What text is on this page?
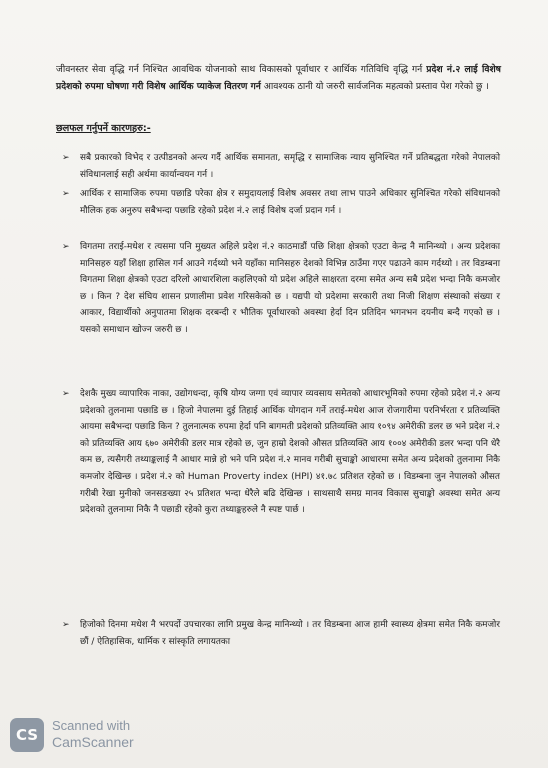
जीवनस्तर सेवा वृद्धि गर्न निश्चित आवधिक योजनाको साथ विकासको पूर्वाधार र आर्थिक गतिविधि वृद्धि गर्न प्रदेश नं.२ लाई विशेष प्रदेशको रुपमा घोषणा गरी विशेष आर्थिक प्याकेज वितरण गर्न आवश्यक ठानी यो जरुरी सार्वजनिक महत्वको प्रस्ताव पेश गरेको छु ।
छलफल गर्नुपर्ने कारणहरु:-
➢ सबै प्रकारको विभेद र उत्पीडनको अन्त्य गर्दै आर्थिक समानता, समृद्धि र सामाजिक न्याय सुनिश्चित गर्ने प्रतिबद्धता गरेको नेपालको संविधानलाई सही अर्थमा कार्यान्वयन गर्न ।
➢ आर्थिक र सामाजिक रुपमा पछाडि परेका क्षेत्र र समुदायलाई विशेष अवसर तथा लाभ पाउने अधिकार सुनिश्चित गरेको संविधानको मौलिक हक अनुरुप सबैभन्दा पछाडि रहेको प्रदेश नं.२ लाई विशेष दर्जा प्रदान गर्न ।
➢ विगतमा तराई-मधेश र त्यसमा पनि मुख्यत अहिले प्रदेश नं.२ काठमाडौं पछि शिक्षा क्षेत्रको एउटा केन्द्र नै मानिन्थ्यो । अन्य प्रदेशका मानिसहरु यहाँ शिक्षा हासिल गर्न आउने गर्दथ्यो भने यहाँका मानिसहरु देशको विभिन्न ठाउँमा गएर पढाउने काम गर्दथ्यो । तर विडम्बना विगतमा शिक्षा क्षेत्रको एउटा दरिलो आधारशिला कहलिएको यो प्रदेश अहिले साक्षरता दरमा समेत अन्य सबै प्रदेश भन्दा निकै कमजोर छ । किन ? देश संघिय शासन प्रणालीमा प्रवेश गरिसकेको छ । यद्यपी यो प्रदेशमा सरकारी तथा निजी शिक्षण संस्थाको संख्या र आकार, विद्यार्थीको अनुपातमा शिक्षक दरबन्दी र भौतिक पूर्वाधारको अवस्था हेर्दा दिन प्रतिदिन भगनभन दयनीय बन्दै गएको छ । यसको समाधान खोज्न जरुरी छ ।
➢ देशकै मुख्य व्यापारिक नाका, उद्योगधन्दा, कृषि योग्य जग्गा एवं व्यापार व्यवसाय समेतको आधारभूमिको रुपमा रहेको प्रदेश नं.२ अन्य प्रदेशको तुलनामा पछाडि छ । हिजो नेपालमा दुई तिहाई आर्थिक योगदान गर्ने तराई-मधेश आज रोजगारीमा परनिर्भरता र प्रतिव्यक्ति आयमा सबैभन्दा पछाडि किन ? तुलनात्मक रुपमा हेर्दा पनि बागमती प्रदेशको प्रतिव्यक्ति आय १०९४ अमेरीकी डलर छ भने प्रदेश नं.२ को प्रतिव्यक्ति आय ६७० अमेरीकी डलर मात्र रहेको छ, जुन हाम्रो देशको औसत प्रतिव्यक्ति आय १००४ अमेरीकी डलर भन्दा पनि धेरै कम छ, त्यसैगरी तथ्याङ्कलाई नै आधार मान्ने हो भने पनि प्रदेश नं.२ मानव गरीबी सुचाङ्को आधारमा समेत अन्य प्रदेशको तुलनामा निकै कमजोर देखिन्छ । प्रदेश नं.२ को Human Proverty index (HPI) ४१.७८ प्रतिशत रहेको छ । विडम्बना जुन नेपालको औसत गरीबी रेखा मुनीको जनसङख्या २५ प्रतिशत भन्दा धेरैले बढि देखिन्छ । साथसाथै समग्र मानव विकास सुचाङ्को अवस्था समेत अन्य प्रदेशको तुलनामा निकै नै पछाडी रहेको कुरा तथ्याङ्कहरुले नै स्पष्ट पार्छ ।
➢ हिजोको दिनमा मधेश नै भरपर्दो उपचारका लागि प्रमुख केन्द्र मानिन्थ्यो । तर विडम्बना आज हामी स्वास्थ्य क्षेत्रमा समेत निकै कमजोर छौं / ऐतिहासिक, धार्मिक र सांस्कृति लगायतका
CS
Scanned with
CamScanner
